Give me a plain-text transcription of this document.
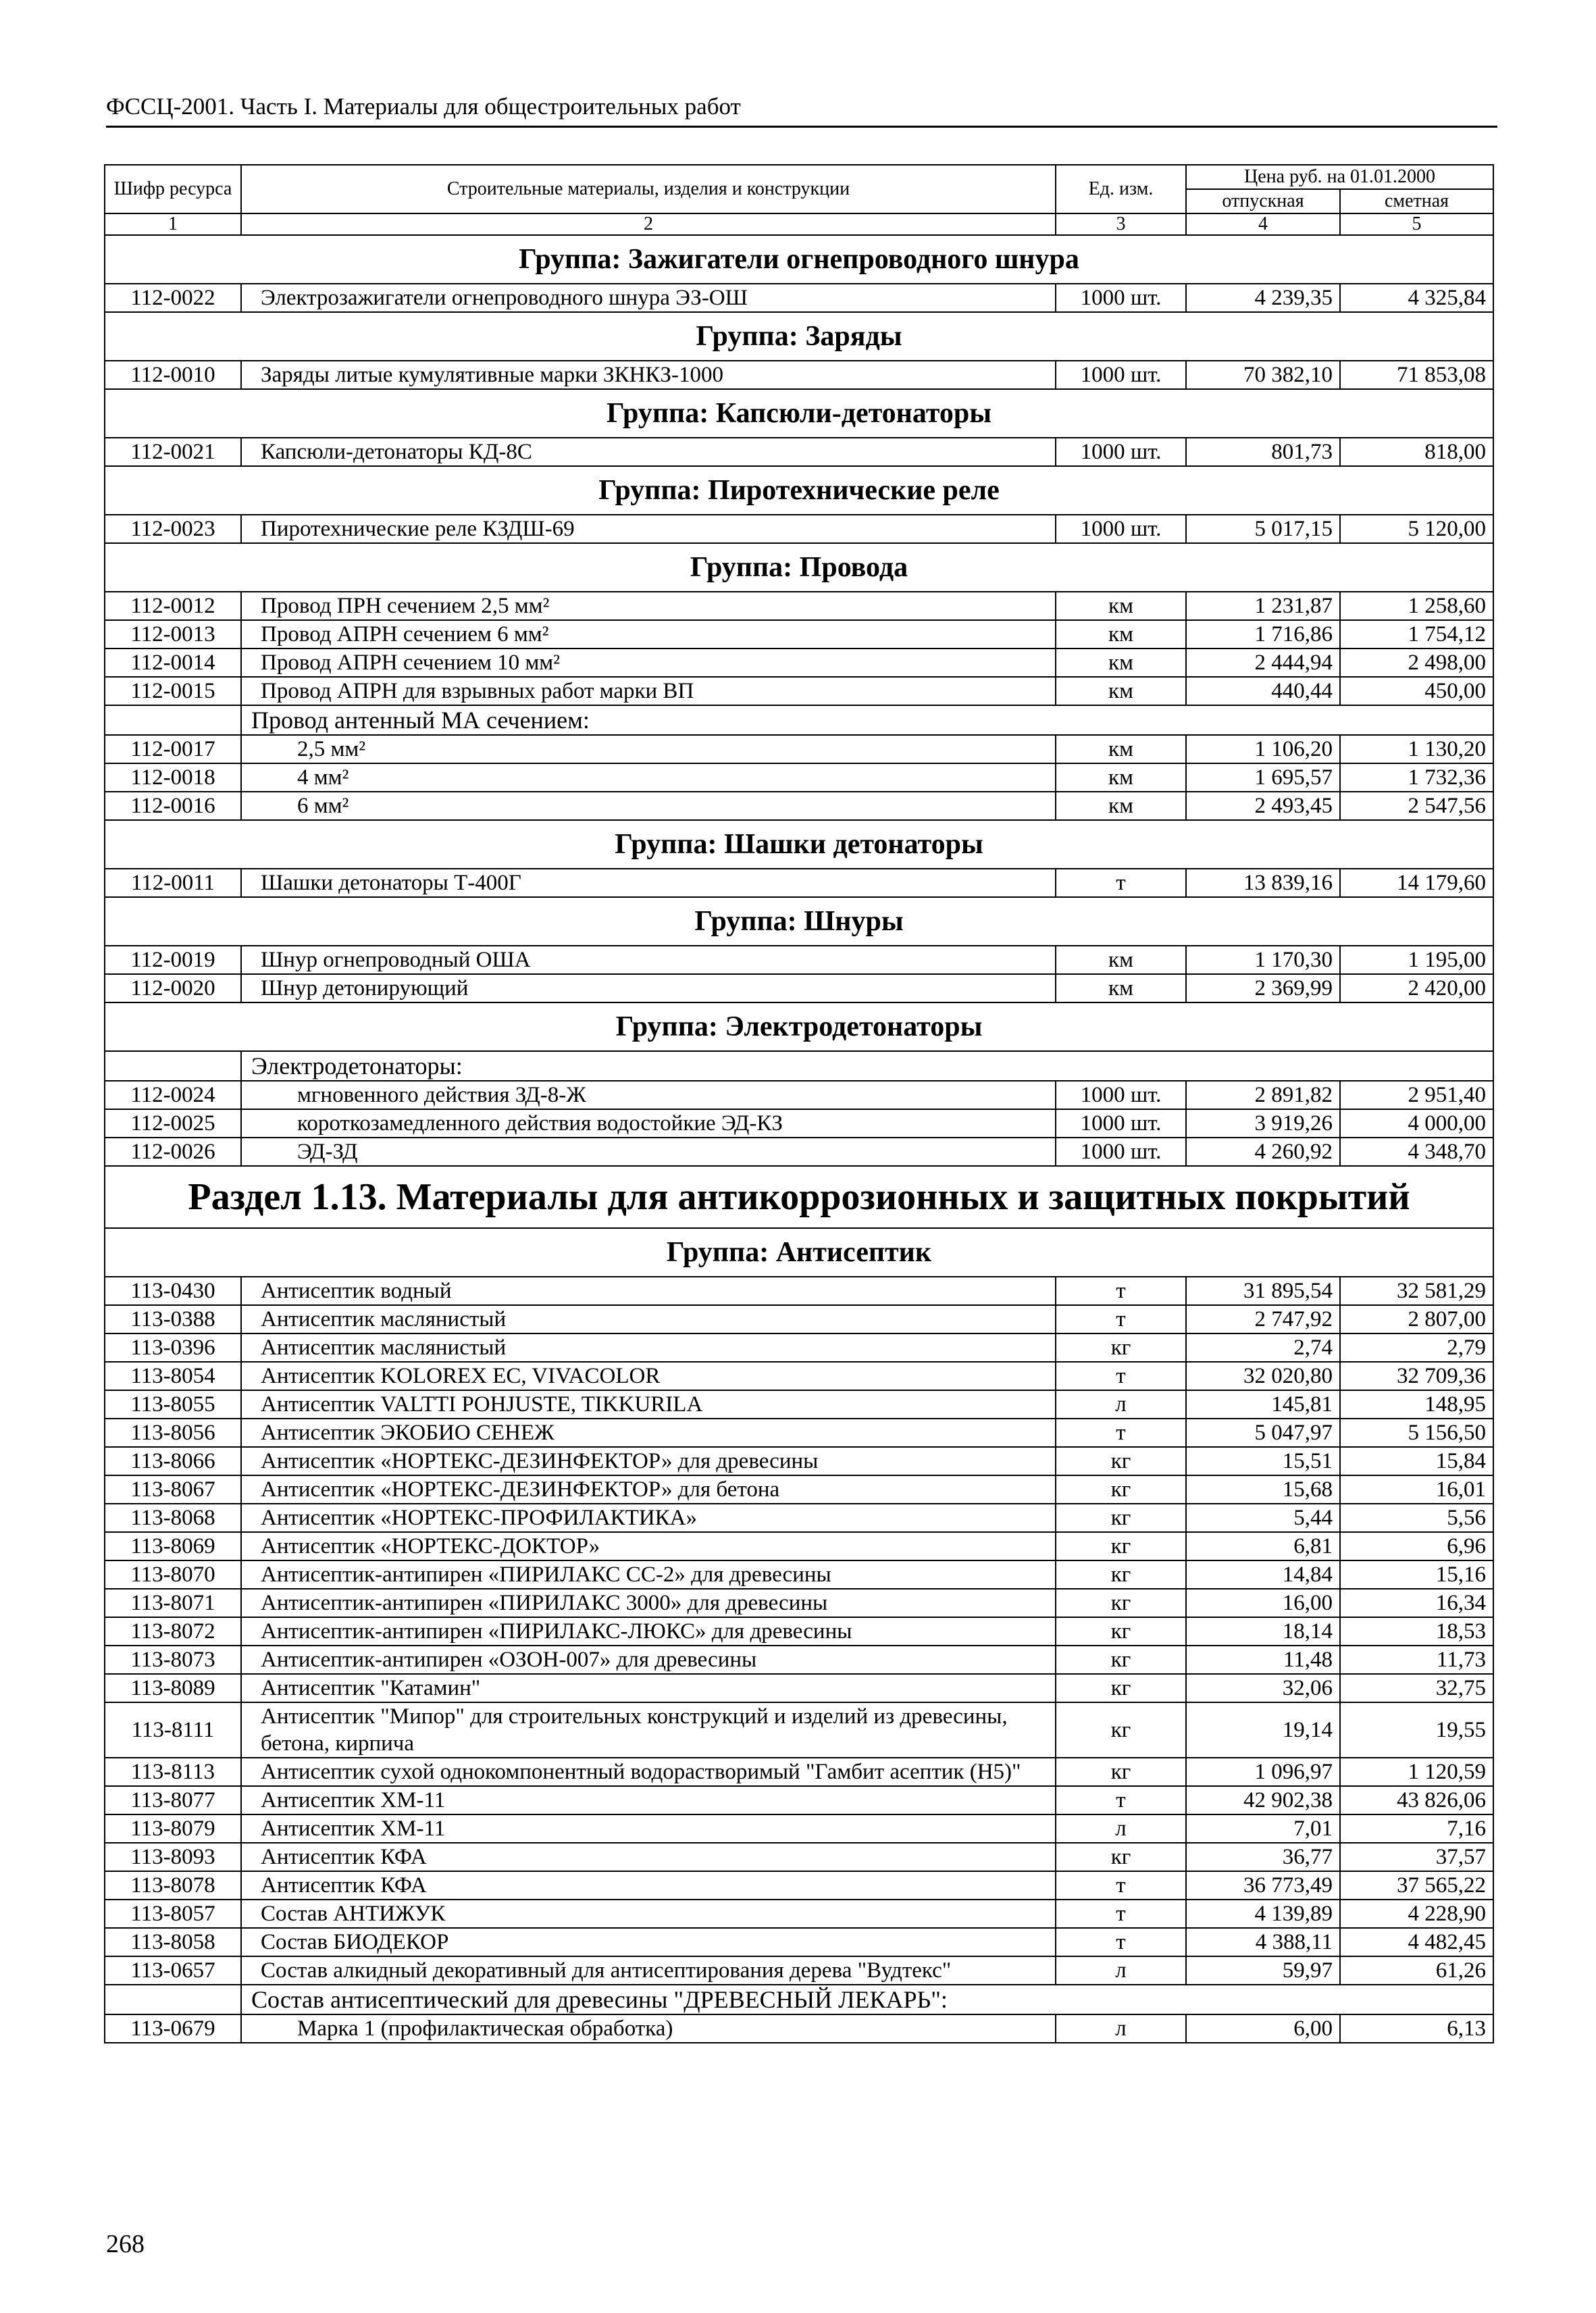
ФССЦ-2001. Часть I. Материалы для общестроительных работ
Шифр ресурса	Строительные материалы, изделия и конструкции	Ед. изм.	Цена руб. на 01.01.2000	
			отпускная	сметная
1	2	3	4	5
Группа: Зажигатели огнепроводного шнура				
112-0022	Электрозажигатели огнепроводного шнура ЭЗ-ОШ	1000 шт.	4 239,35	4 325,84
Группа: Заряды				
112-0010	Заряды литые кумулятивные марки ЗКНКЗ-1000	1000 шт.	70 382,10	71 853,08
Группа: Капсюли-детонаторы				
112-0021	Капсюли-детонаторы КД-8С	1000 шт.	801,73	818,00
Группа: Пиротехнические реле				
112-0023	Пиротехнические реле КЗДШ-69	1000 шт.	5 017,15	5 120,00
Группа: Провода				
112-0012	Провод ПРН сечением 2,5 мм²	км	1 231,87	1 258,60
112-0013	Провод АПРН сечением 6 мм²	км	1 716,86	1 754,12
112-0014	Провод АПРН сечением 10 мм²	км	2 444,94	2 498,00
112-0015	Провод АПРН для взрывных работ марки ВП	км	440,44	450,00
	Провод антенный МА сечением:			
112-0017	2,5 мм²	км	1 106,20	1 130,20
112-0018	4 мм²	км	1 695,57	1 732,36
112-0016	6 мм²	км	2 493,45	2 547,56
Группа: Шашки детонаторы				
112-0011	Шашки детонаторы Т-400Г	т	13 839,16	14 179,60
Группа: Шнуры				
112-0019	Шнур огнепроводный ОША	км	1 170,30	1 195,00
112-0020	Шнур детонирующий	км	2 369,99	2 420,00
Группа: Электродетонаторы				
	Электродетонаторы:			
112-0024	мгновенного действия ЗД-8-Ж	1000 шт.	2 891,82	2 951,40
112-0025	короткозамедленного действия водостойкие ЭД-КЗ	1000 шт.	3 919,26	4 000,00
112-0026	ЭД-ЗД	1000 шт.	4 260,92	4 348,70
Раздел 1.13. Материалы для антикоррозионных и защитных покрытий				
Группа: Антисептик				
113-0430	Антисептик водный	т	31 895,54	32 581,29
113-0388	Антисептик маслянистый	т	2 747,92	2 807,00
113-0396	Антисептик маслянистый	кг	2,74	2,79
113-8054	Антисептик KOLOREX EC, VIVACOLOR	т	32 020,80	32 709,36
113-8055	Антисептик VALTTI POHJUSTE, TIKKURILA	л	145,81	148,95
113-8056	Антисептик ЭКОБИО СЕНЕЖ	т	5 047,97	5 156,50
113-8066	Антисептик «НОРТЕКС-ДЕЗИНФЕКТОР» для древесины	кг	15,51	15,84
113-8067	Антисептик «НОРТЕКС-ДЕЗИНФЕКТОР» для бетона	кг	15,68	16,01
113-8068	Антисептик «НОРТЕКС-ПРОФИЛАКТИКА»	кг	5,44	5,56
113-8069	Антисептик «НОРТЕКС-ДОКТОР»	кг	6,81	6,96
113-8070	Антисептик-антипирен «ПИРИЛАКС СС-2» для древесины	кг	14,84	15,16
113-8071	Антисептик-антипирен «ПИРИЛАКС 3000» для древесины	кг	16,00	16,34
113-8072	Антисептик-антипирен «ПИРИЛАКС-ЛЮКС» для древесины	кг	18,14	18,53
113-8073	Антисептик-антипирен «ОЗОН-007» для древесины	кг	11,48	11,73
113-8089	Антисептик "Катамин"	кг	32,06	32,75
113-8111	Антисептик "Мипор" для строительных конструкций и изделий из древесины, бетона, кирпича	кг	19,14	19,55
113-8113	Антисептик сухой однокомпонентный водорастворимый "Гамбит асептик (Н5)"	кг	1 096,97	1 120,59
113-8077	Антисептик ХМ-11	т	42 902,38	43 826,06
113-8079	Антисептик ХМ-11	л	7,01	7,16
113-8093	Антисептик КФА	кг	36,77	37,57
113-8078	Антисептик КФА	т	36 773,49	37 565,22
113-8057	Состав АНТИЖУК	т	4 139,89	4 228,90
113-8058	Состав БИОДЕКОР	т	4 388,11	4 482,45
113-0657	Состав алкидный декоративный для антисептирования дерева "Вудтекс"	л	59,97	61,26
	Состав антисептический для древесины "ДРЕВЕСНЫЙ ЛЕКАРЬ":			
113-0679	Марка 1 (профилактическая обработка)	л	6,00	6,13
268
